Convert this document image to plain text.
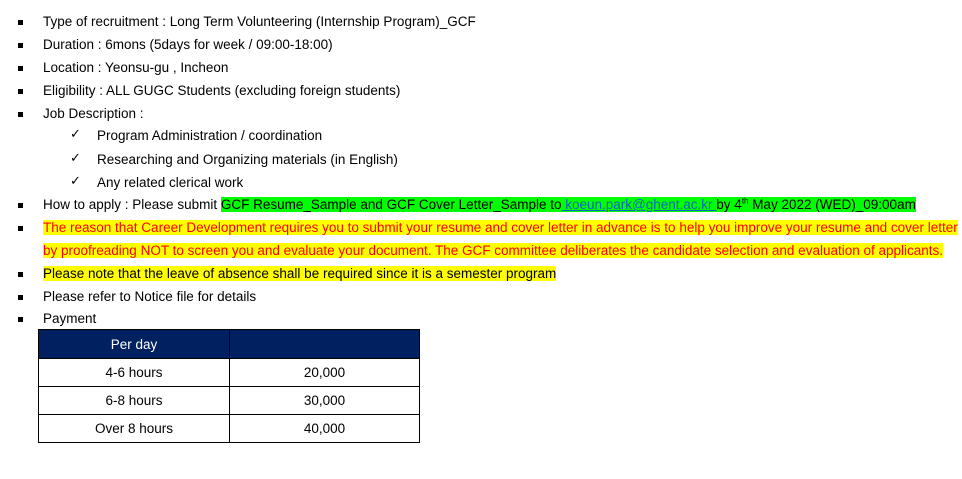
Type of recruitment : Long Term Volunteering (Internship Program)_GCF
Duration : 6mons (5days for week / 09:00-18:00)
Location : Yeonsu-gu , Incheon
Eligibility : ALL GUGC Students (excluding foreign students)
Job Description :
✓ Program Administration / coordination
✓ Researching and Organizing materials (in English)
✓ Any related clerical work
How to apply : Please submit GCF Resume_Sample and GCF Cover Letter_Sample to koeun.park@ghent.ac.kr by 4th May 2022 (WED)_09:00am
The reason that Career Development requires you to submit your resume and cover letter in advance is to help you improve your resume and cover letter
by proofreading NOT to screen you and evaluate your document. The GCF committee deliberates the candidate selection and evaluation of applicants.
Please note that the leave of absence shall be required since it is a semester program
Please refer to Notice file for details
Payment
Per day	
4-6 hours	20,000
6-8 hours	30,000
Over 8 hours	40,000
